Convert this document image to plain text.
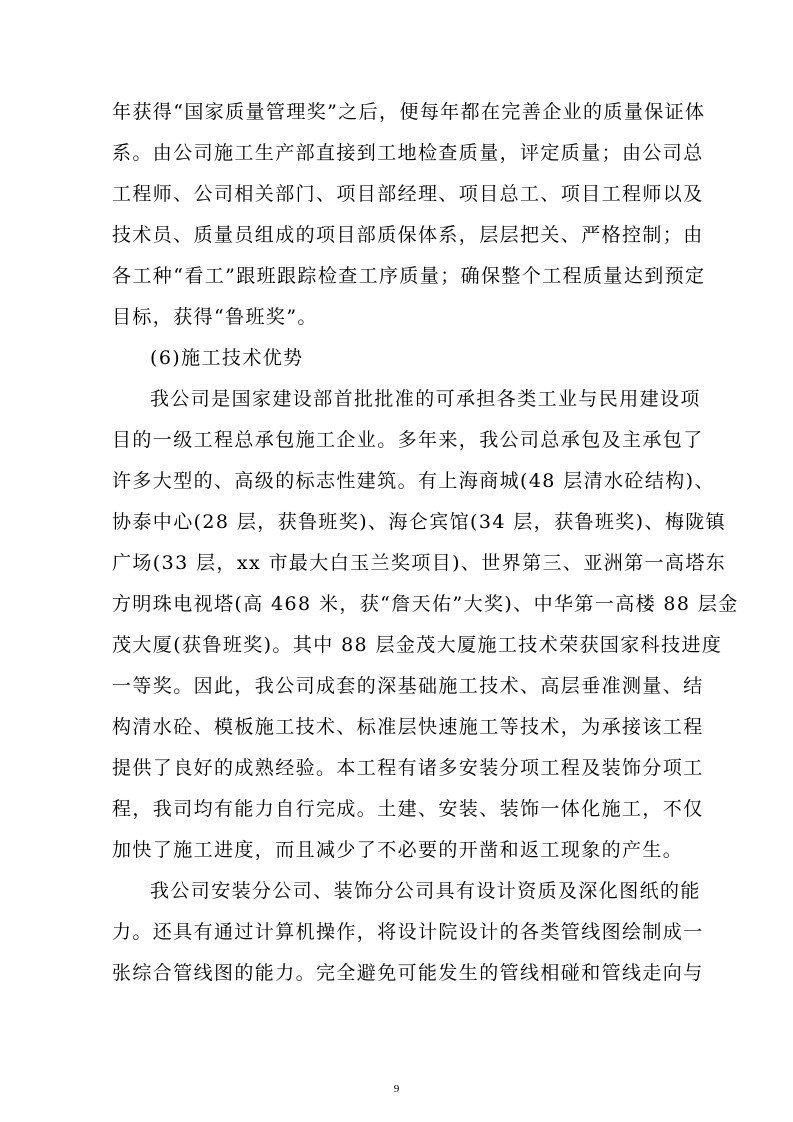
年获得“国家质量管理奖”之后，便每年都在完善企业的质量保证体
系。由公司施工生产部直接到工地检查质量，评定质量；由公司总
工程师、公司相关部门、项目部经理、项目总工、项目工程师以及
技术员、质量员组成的项目部质保体系，层层把关、严格控制；由
各工种“看工”跟班跟踪检查工序质量；确保整个工程质量达到预定
目标，获得“鲁班奖”。
(6)施工技术优势
我公司是国家建设部首批批准的可承担各类工业与民用建设项
目的一级工程总承包施工企业。多年来，我公司总承包及主承包了
许多大型的、高级的标志性建筑。有上海商城(48 层清水砼结构)、
协泰中心(28 层，获鲁班奖)、海仑宾馆(34 层，获鲁班奖)、梅陇镇
广场(33 层，xx 市最大白玉兰奖项目)、世界第三、亚洲第一高塔东
方明珠电视塔(高 468 米，获“詹天佑”大奖)、中华第一高楼 88 层金
茂大厦(获鲁班奖)。其中 88 层金茂大厦施工技术荣获国家科技进度
一等奖。因此，我公司成套的深基础施工技术、高层垂准测量、结
构清水砼、模板施工技术、标准层快速施工等技术，为承接该工程
提供了良好的成熟经验。本工程有诸多安装分项工程及装饰分项工
程，我司均有能力自行完成。土建、安装、装饰一体化施工，不仅
加快了施工进度，而且减少了不必要的开凿和返工现象的产生。
我公司安装分公司、装饰分公司具有设计资质及深化图纸的能
力。还具有通过计算机操作，将设计院设计的各类管线图绘制成一
张综合管线图的能力。完全避免可能发生的管线相碰和管线走向与
9
